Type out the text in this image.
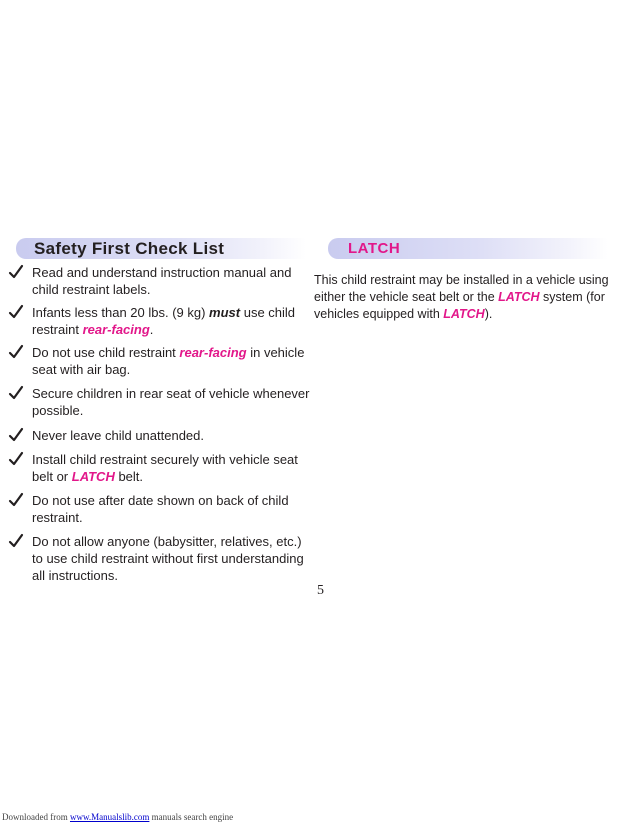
Safety First Check List	LATCH
Read and understand instruction manual and child restraint labels.
Infants less than 20 lbs. (9 kg) must use child restraint rear-facing.
Do not use child restraint rear-facing in vehicle seat with air bag.
Secure children in rear seat of vehicle whenever possible.
Never leave child unattended.
Install child restraint securely with vehicle seat belt or LATCH belt.
Do not use after date shown on back of child restraint.
Do not allow anyone (babysitter, relatives, etc.) to use child restraint without first understanding all instructions.
This child restraint may be installed in a vehicle using either the vehicle seat belt or the LATCH system (for vehicles equipped with LATCH).
5
Downloaded from www.Manualslib.com manuals search engine
